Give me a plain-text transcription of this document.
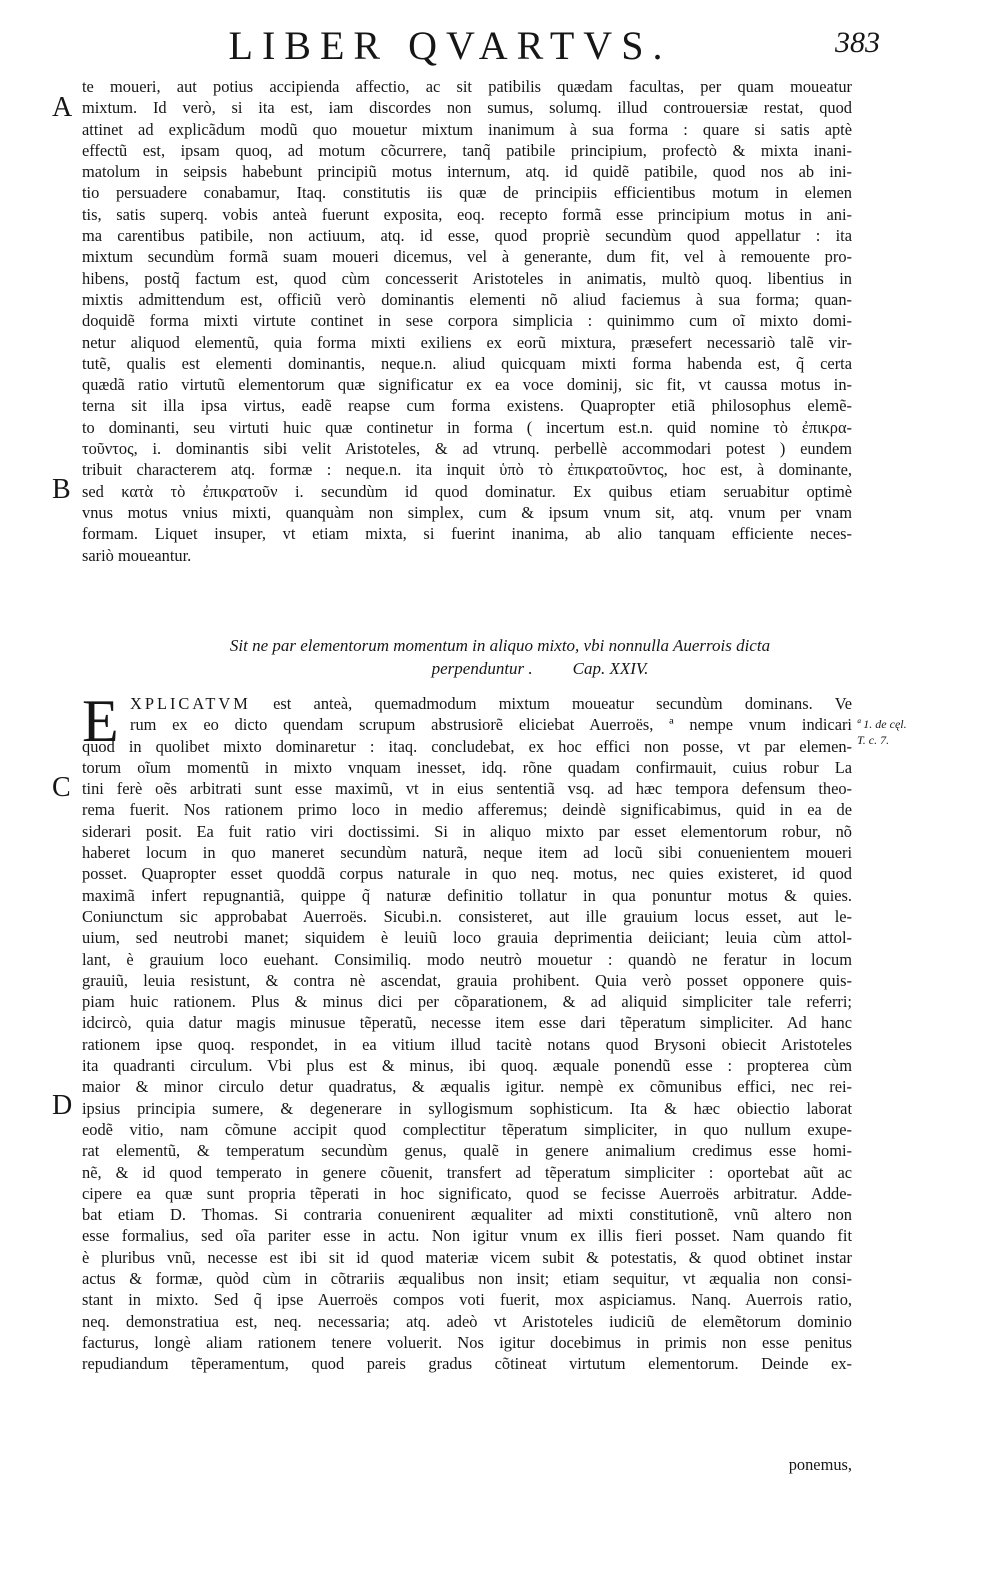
LIBER QVARTVS.	383
A
B
C
D
te moueri, aut potius accipienda affectio, ac sit patibilis quædam facultas, per quam moueatur
mixtum. Id verò, si ita est, iam discordes non sumus, solumq. illud controuersiæ restat, quod
attinet ad explicãdum modũ quo mouetur mixtum inanimum à sua forma : quare si satis aptè
effectũ est, ipsam quoq, ad motum cõcurrere, tanq̃ patibile principium, profectò & mixta inani-
matolum in seipsis habebunt principiũ motus internum, atq. id quidẽ patibile, quod nos ab ini-
tio persuadere conabamur, Itaq. constitutis iis quæ de principiis efficientibus motum in elemen
tis, satis superq. vobis anteà fuerunt exposita, eoq. recepto formã esse principium motus in ani-
ma carentibus patibile, non actiuum, atq. id esse, quod propriè secundùm quod appellatur : ita
mixtum secundùm formã suam moueri dicemus, vel à generante, dum fit, vel à remouente pro-
hibens, postq̃ factum est, quod cùm concesserit Aristoteles in animatis, multò quoq. libentius in
mixtis admittendum est, officiũ verò dominantis elementi nõ aliud faciemus à sua forma; quan-
doquidẽ forma mixti virtute continet in sese corpora simplicia : quinimmo cum oĩ mixto domi-
netur aliquod elementũ, quia forma mixti exiliens ex eorũ mixtura, præsefert necessariò talẽ vir-
tutẽ, qualis est elementi dominantis, neque.n. aliud quicquam mixti forma habenda est, q̃ certa
quædã ratio virtutũ elementorum quæ significatur ex ea voce dominij, sic fit, vt caussa motus in-
terna sit illa ipsa virtus, eadẽ reapse cum forma existens. Quapropter etiã philosophus elemẽ-
to dominanti, seu virtuti huic quæ continetur in forma ( incertum est.n. quid nomine τὸ ἐπικρα-
τοῦντος, i. dominantis sibi velit Aristoteles, & ad vtrunq. perbellè accommodari potest ) eundem
tribuit characterem atq. formæ : neque.n. ita inquit ὑπὸ τὸ ἐπικρατοῦντος, hoc est, à dominante,
sed κατὰ τὸ ἐπικρατοῦν i. secundùm id quod dominatur. Ex quibus etiam seruabitur optimè
vnus motus vnius mixti, quanquàm non simplex, cum & ipsum vnum sit, atq. vnum per vnam
formam. Liquet insuper, vt etiam mixta, si fuerint inanima, ab alio tanquam efficiente neces-
sariò moueantur.
Sit ne par elementorum momentum in aliquo mixto, vbi nonnulla Auerrois dicta
perpenduntur . Cap. XXIV.
E XPLICATVM est anteà, quemadmodum mixtum moueatur secundùm dominans. Ve
rum ex eo dicto quendam scrupum abstrusiorẽ eliciebat Auerroës, ª nempe vnum indicari
quod in quolibet mixto dominaretur : itaq. concludebat, ex hoc effici non posse, vt par elemen-
torum oĩum momentũ in mixto vnquam inesset, idq. rõne quadam confirmauit, cuius robur La
tini ferè oẽs arbitrati sunt esse maximũ, vt in eius sententiã vsq. ad hæc tempora defensum theo-
rema fuerit. Nos rationem primo loco in medio afferemus; deindè significabimus, quid in ea de
siderari posit. Ea fuit ratio viri doctissimi. Si in aliquo mixto par esset elementorum robur, nõ
haberet locum in quo maneret secundùm naturã, neque item ad locũ sibi conuenientem moueri
posset. Quapropter esset quoddã corpus naturale in quo neq. motus, nec quies existeret, id quod
maximã infert repugnantiã, quippe q̃ naturæ definitio tollatur in qua ponuntur motus & quies.
Coniunctum sic approbabat Auerroës. Sicubi.n. consisteret, aut ille grauium locus esset, aut le-
uium, sed neutrobi manet; siquidem è leuiũ loco grauia deprimentia deiiciant; leuia cùm attol-
lant, è grauium loco euehant. Consimiliq. modo neutrò mouetur : quandò ne feratur in locum
grauiũ, leuia resistunt, & contra nè ascendat, grauia prohibent. Quia verò posset opponere quis-
piam huic rationem. Plus & minus dici per cõparationem, & ad aliquid simpliciter tale referri;
idcircò, quia datur magis minusue tẽperatũ, necesse item esse dari tẽperatum simpliciter. Ad hanc
rationem ipse quoq. respondet, in ea vitium illud tacitè notans quod Brysoni obiecit Aristoteles
ita quadranti circulum. Vbi plus est & minus, ibi quoq. æquale ponendũ esse : propterea cùm
maior & minor circulo detur quadratus, & æqualis igitur. nempè ex cõmunibus effici, nec rei-
ipsius principia sumere, & degenerare in syllogismum sophisticum. Ita & hæc obiectio laborat
eodẽ vitio, nam cõmune accipit quod complectitur tẽperatum simpliciter, in quo nullum exupe-
rat elementũ, & temperatum secundùm genus, qualẽ in genere animalium credimus esse homi-
nẽ, & id quod temperato in genere cõuenit, transfert ad tẽperatum simpliciter : oportebat aũt ac
cipere ea quæ sunt propria tẽperati in hoc significato, quod se fecisse Auerroës arbitratur. Adde-
bat etiam D. Thomas. Si contraria conuenirent æqualiter ad mixti constitutionẽ, vnũ altero non
esse formalius, sed oĩa pariter esse in actu. Non igitur vnum ex illis fieri posset. Nam quando fit
è pluribus vnũ, necesse est ibi sit id quod materiæ vicem subit & potestatis, & quod obtinet instar
actus & formæ, quòd cùm in cõtrariis æqualibus non insit; etiam sequitur, vt æqualia non consi-
stant in mixto. Sed q̃ ipse Auerroës compos voti fuerit, mox aspiciamus. Nanq. Auerrois ratio,
neq. demonstratiua est, neq. necessaria; atq. adeò vt Aristoteles iudiciũ de elemẽtorum dominio
facturus, longè aliam rationem tenere voluerit. Nos igitur docebimus in primis non esse penitus
repudiandum tẽperamentum, quod pareis gradus cõtineat virtutum elementorum. Deinde ex-
ª 1. de cęl.
T. c. 7.
ponemus,
